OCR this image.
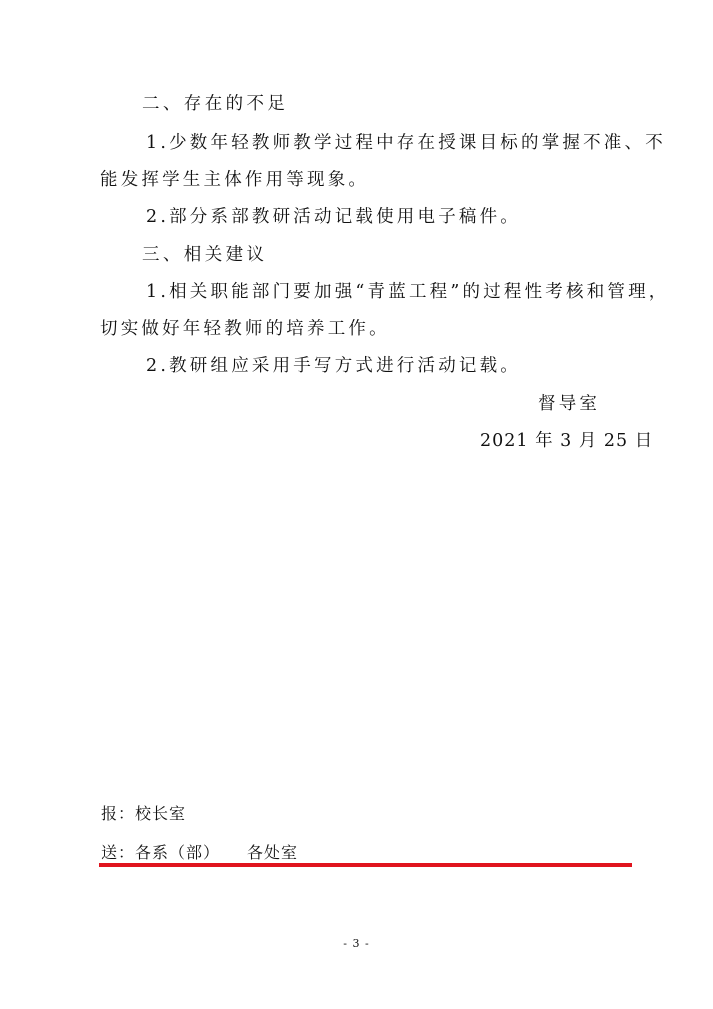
二、存在的不足
1.少数年轻教师教学过程中存在授课目标的掌握不准、不
能发挥学生主体作用等现象。
2.部分系部教研活动记载使用电子稿件。
三、相关建议
1.相关职能部门要加强“青蓝工程”的过程性考核和管理，
切实做好年轻教师的培养工作。
2.教研组应采用手写方式进行活动记载。
督导室
2021 年 3 月 25 日
报：校长室
送：各系（部） 各处室
- 3 -
